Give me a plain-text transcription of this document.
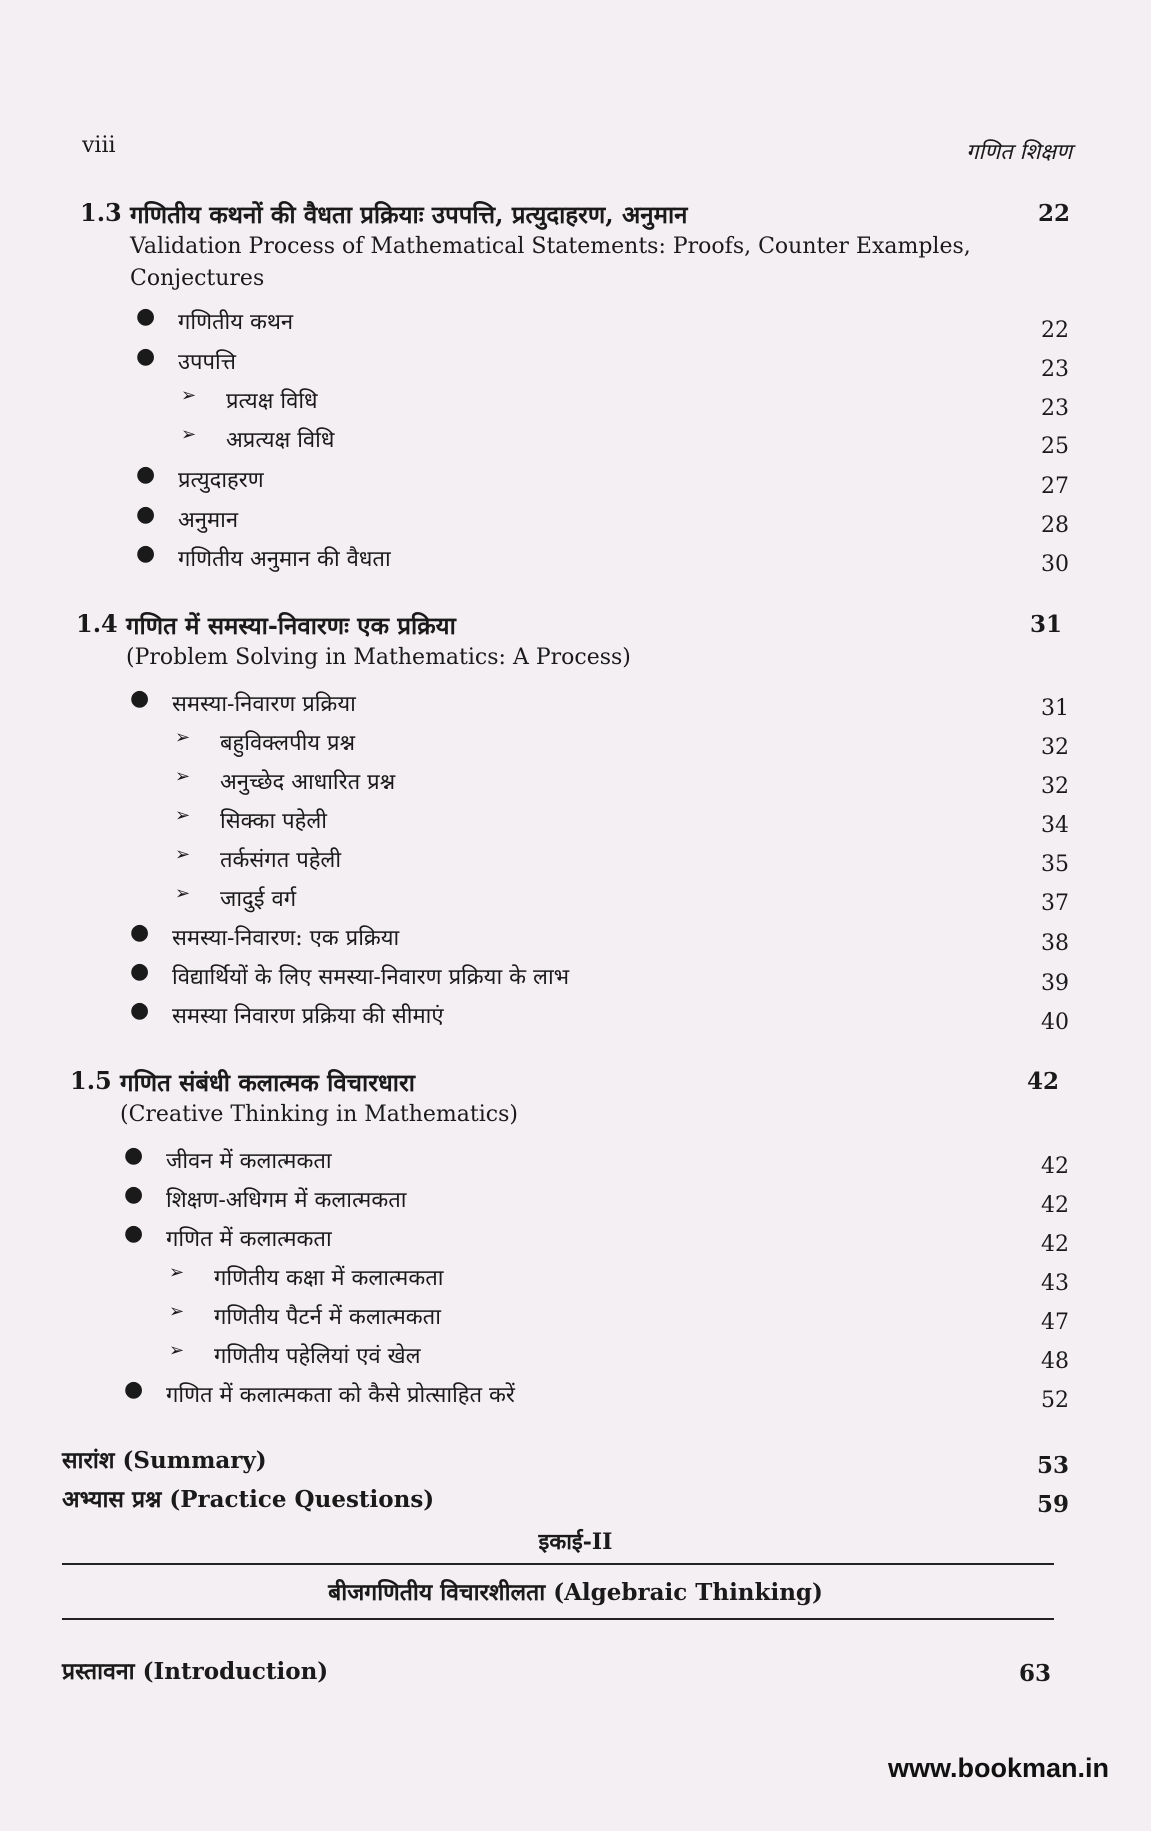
viii	गणित शिक्षण
1.3 गणितीय कथनों की वैधता प्रक्रियाः उपपत्ति, प्रत्युदाहरण, अनुमान	22
Validation Process of Mathematical Statements: Proofs, Counter Examples,
Conjectures
● गणितीय कथन	22
● उपपत्ति	23
➢ प्रत्यक्ष विधि	23
➢ अप्रत्यक्ष विधि	25
● प्रत्युदाहरण	27
● अनुमान	28
● गणितीय अनुमान की वैधता	30
1.4 गणित में समस्या-निवारणः एक प्रक्रिया	31
(Problem Solving in Mathematics: A Process)
● समस्या-निवारण प्रक्रिया	31
➢ बहुविक्लपीय प्रश्न	32
➢ अनुच्छेद आधारित प्रश्न	32
➢ सिक्का पहेली	34
➢ तर्कसंगत पहेली	35
➢ जादुई वर्ग	37
● समस्या-निवारण: एक प्रक्रिया	38
● विद्यार्थियों के लिए समस्या-निवारण प्रक्रिया के लाभ	39
● समस्या निवारण प्रक्रिया की सीमाएं	40
1.5 गणित संबंधी कलात्मक विचारधारा	42
(Creative Thinking in Mathematics)
● जीवन में कलात्मकता	42
● शिक्षण-अधिगम में कलात्मकता	42
● गणित में कलात्मकता	42
➢ गणितीय कक्षा में कलात्मकता	43
➢ गणितीय पैटर्न में कलात्मकता	47
➢ गणितीय पहेलियां एवं खेल	48
● गणित में कलात्मकता को कैसे प्रोत्साहित करें	52
सारांश (Summary)	53
अभ्यास प्रश्न (Practice Questions)	59
इकाई-II
बीजगणितीय विचारशीलता (Algebraic Thinking)
प्रस्तावना (Introduction)	63
www.bookman.in
